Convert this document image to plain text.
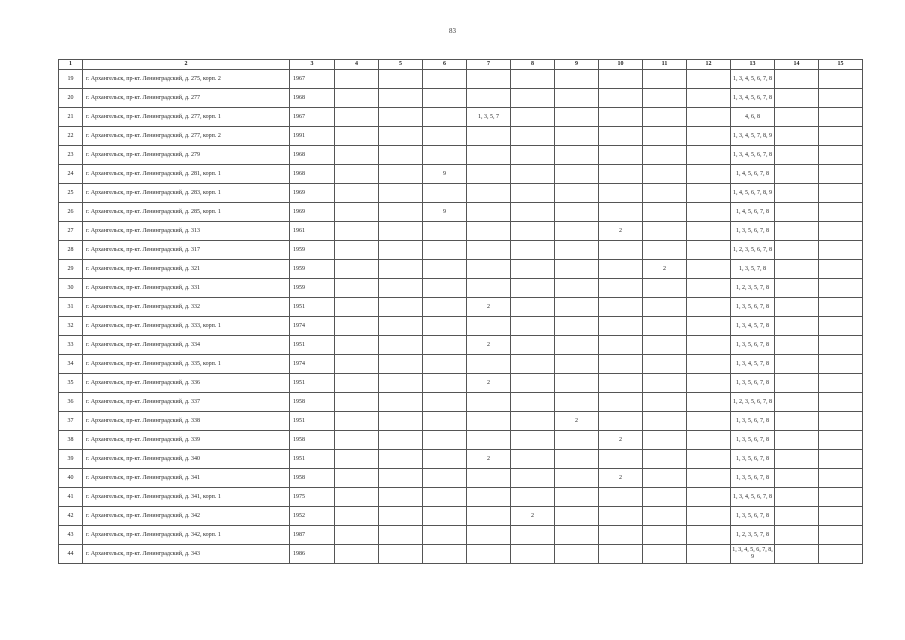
83
1	2	3	4	5	6	7	8	9	10	11	12	13	14	15
19	г. Архангельск, пр-кт. Ленинградский, д. 275, корп. 2	1967										1, 3, 4, 5, 6, 7, 8		
20	г. Архангельск, пр-кт. Ленинградский, д. 277	1968										1, 3, 4, 5, 6, 7, 8		
21	г. Архангельск, пр-кт. Ленинградский, д. 277, корп. 1	1967				1, 3, 5, 7						4, 6, 8		
22	г. Архангельск, пр-кт. Ленинградский, д. 277, корп. 2	1991										1, 3, 4, 5, 7, 8, 9		
23	г. Архангельск, пр-кт. Ленинградский, д. 279	1968										1, 3, 4, 5, 6, 7, 8		
24	г. Архангельск, пр-кт. Ленинградский, д. 281, корп. 1	1968			9							1, 4, 5, 6, 7, 8		
25	г. Архангельск, пр-кт. Ленинградский, д. 283, корп. 1	1969										1, 4, 5, 6, 7, 8, 9		
26	г. Архангельск, пр-кт. Ленинградский, д. 285, корп. 1	1969			9							1, 4, 5, 6, 7, 8		
27	г. Архангельск, пр-кт. Ленинградский, д. 313	1961							2			1, 3, 5, 6, 7, 8		
28	г. Архангельск, пр-кт. Ленинградский, д. 317	1959										1, 2, 3, 5, 6, 7, 8		
29	г. Архангельск, пр-кт. Ленинградский, д. 321	1959								2		1, 3, 5, 7, 8		
30	г. Архангельск, пр-кт. Ленинградский, д. 331	1959										1, 2, 3, 5, 7, 8		
31	г. Архангельск, пр-кт. Ленинградский, д. 332	1951				2						1, 3, 5, 6, 7, 8		
32	г. Архангельск, пр-кт. Ленинградский, д. 333, корп. 1	1974										1, 3, 4, 5, 7, 8		
33	г. Архангельск, пр-кт. Ленинградский, д. 334	1951				2						1, 3, 5, 6, 7, 8		
34	г. Архангельск, пр-кт. Ленинградский, д. 335, корп. 1	1974										1, 3, 4, 5, 7, 8		
35	г. Архангельск, пр-кт. Ленинградский, д. 336	1951				2						1, 3, 5, 6, 7, 8		
36	г. Архангельск, пр-кт. Ленинградский, д. 337	1958										1, 2, 3, 5, 6, 7, 8		
37	г. Архангельск, пр-кт. Ленинградский, д. 338	1951						2				1, 3, 5, 6, 7, 8		
38	г. Архангельск, пр-кт. Ленинградский, д. 339	1958							2			1, 3, 5, 6, 7, 8		
39	г. Архангельск, пр-кт. Ленинградский, д. 340	1951				2						1, 3, 5, 6, 7, 8		
40	г. Архангельск, пр-кт. Ленинградский, д. 341	1958							2			1, 3, 5, 6, 7, 8		
41	г. Архангельск, пр-кт. Ленинградский, д. 341, корп. 1	1975										1, 3, 4, 5, 6, 7, 8		
42	г. Архангельск, пр-кт. Ленинградский, д. 342	1952					2					1, 3, 5, 6, 7, 8		
43	г. Архангельск, пр-кт. Ленинградский, д. 342, корп. 1	1987										1, 2, 3, 5, 7, 8		
44	г. Архангельск, пр-кт. Ленинградский, д. 343	1986										1, 3, 4, 5, 6, 7, 8, 9		
